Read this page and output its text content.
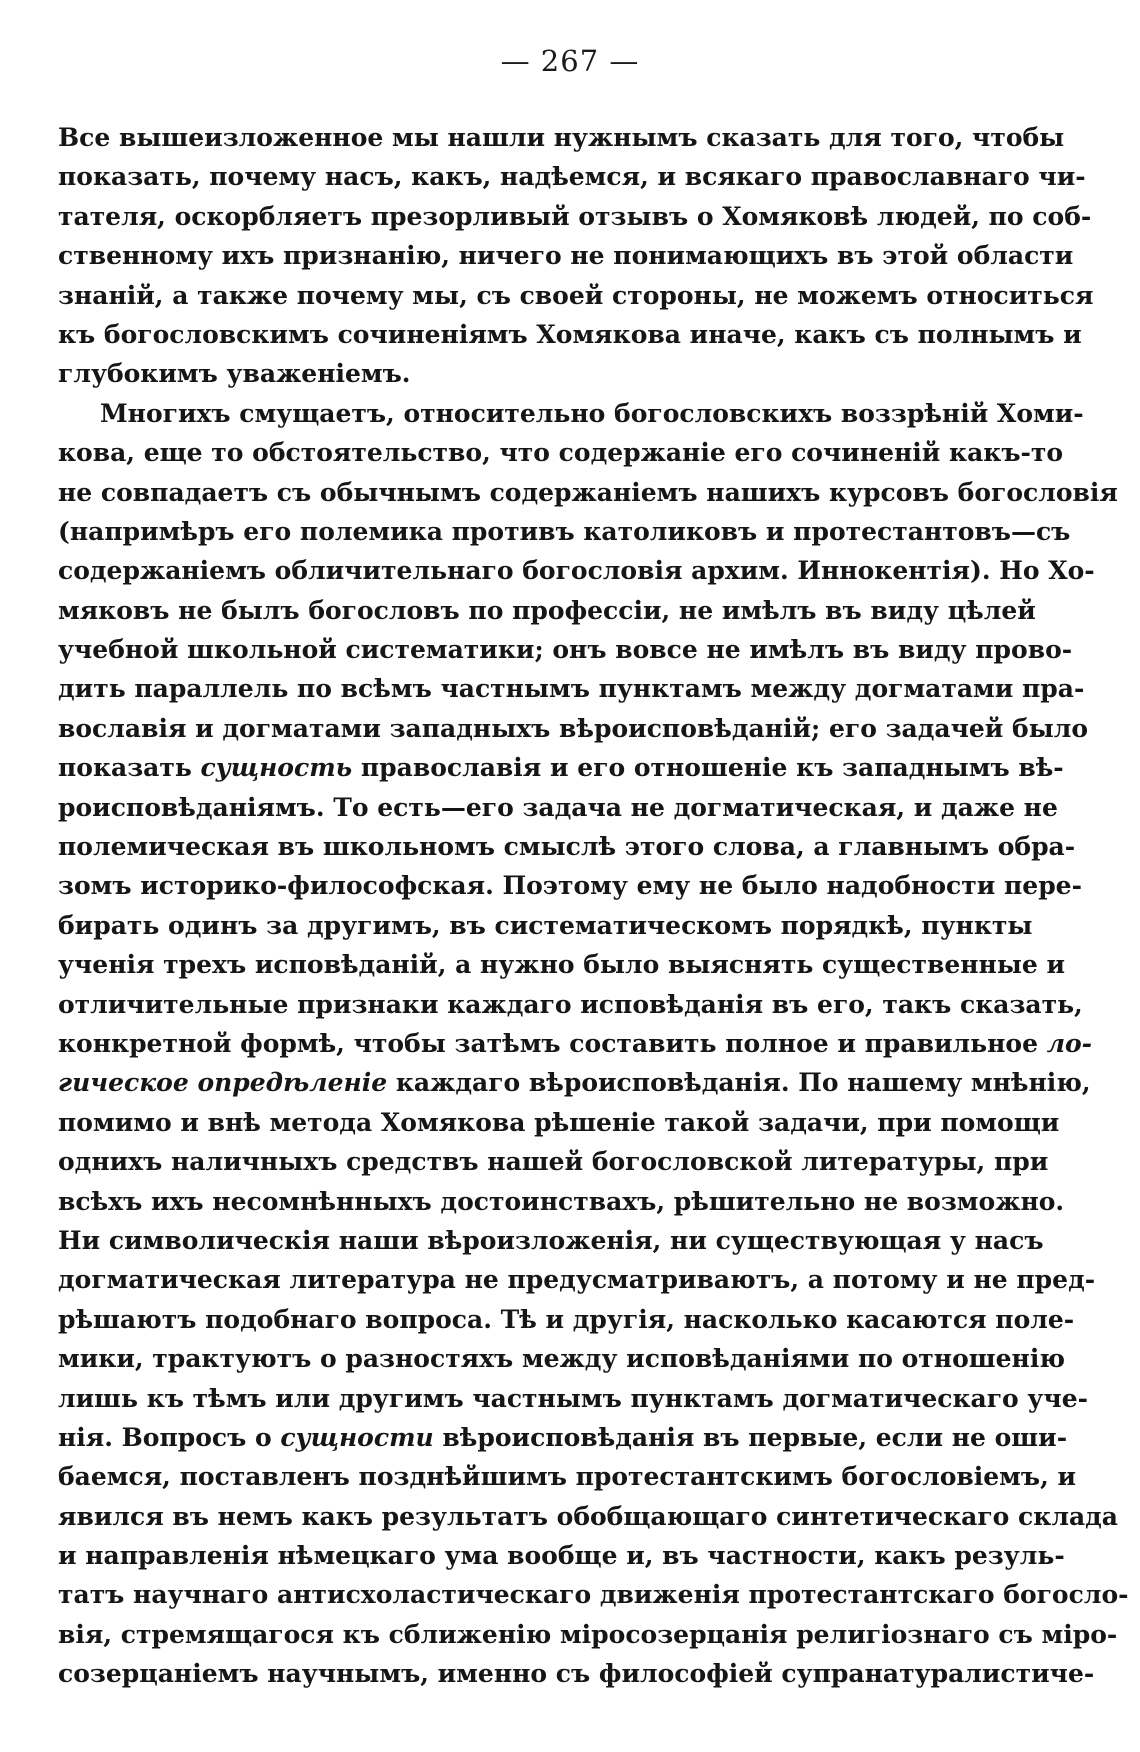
— 267 —
Все вышеизложенное мы нашли нужнымъ сказать для того, чтобы
показать, почему насъ, какъ, надѣемся, и всякаго православнаго чи-
тателя, оскорбляетъ презорливый отзывъ о Хомяковѣ людей, по соб-
ственному ихъ признанію, ничего не понимающихъ въ этой области
знаній, а также почему мы, съ своей стороны, не можемъ относиться
къ богословскимъ сочиненіямъ Хомякова иначе, какъ съ полнымъ и
глубокимъ уваженіемъ.
Многихъ смущаетъ, относительно богословскихъ воззрѣній Хоми-
кова, еще то обстоятельство, что содержаніе его сочиненій какъ-то
не совпадаетъ съ обычнымъ содержаніемъ нашихъ курсовъ богословія
(напримѣръ его полемика противъ католиковъ и протестантовъ—съ
содержаніемъ обличительнаго богословія архим. Иннокентія). Но Хо-
мяковъ не былъ богословъ по профессіи, не имѣлъ въ виду цѣлей
учебной школьной систематики; онъ вовсе не имѣлъ въ виду прово-
дить параллель по всѣмъ частнымъ пунктамъ между догматами пра-
вославія и догматами западныхъ вѣроисповѣданій; его задачей было
показать сущность православія и его отношеніе къ западнымъ вѣ-
роисповѣданіямъ. То есть—его задача не догматическая, и даже не
полемическая въ школьномъ смыслѣ этого слова, а главнымъ обра-
зомъ историко-философская. Поэтому ему не было надобности пере-
бирать одинъ за другимъ, въ систематическомъ порядкѣ, пункты
ученія трехъ исповѣданій, а нужно было выяснять существенные и
отличительные признаки каждаго исповѣданія въ его, такъ сказать,
конкретной формѣ, чтобы затѣмъ составить полное и правильное ло-
гическое опредѣленіе каждаго вѣроисповѣданія. По нашему мнѣнію,
помимо и внѣ метода Хомякова рѣшеніе такой задачи, при помощи
однихъ наличныхъ средствъ нашей богословской литературы, при
всѣхъ ихъ несомнѣнныхъ достоинствахъ, рѣшительно не возможно.
Ни символическія наши вѣроизложенія, ни существующая у насъ
догматическая литература не предусматриваютъ, а потому и не пред-
рѣшаютъ подобнаго вопроса. Тѣ и другія, насколько касаются поле-
мики, трактуютъ о разностяхъ между исповѣданіями по отношенію
лишь къ тѣмъ или другимъ частнымъ пунктамъ догматическаго уче-
нія. Вопросъ о сущности вѣроисповѣданія въ первые, если не оши-
баемся, поставленъ позднѣйшимъ протестантскимъ богословіемъ, и
явился въ немъ какъ результатъ обобщающаго синтетическаго склада
и направленія нѣмецкаго ума вообще и, въ частности, какъ резуль-
татъ научнаго антисхоластическаго движенія протестантскаго богосло-
вія, стремящагося къ сближенію міросозерцанія религіознаго съ міро-
созерцаніемъ научнымъ, именно съ философіей супранатуралистиче-
